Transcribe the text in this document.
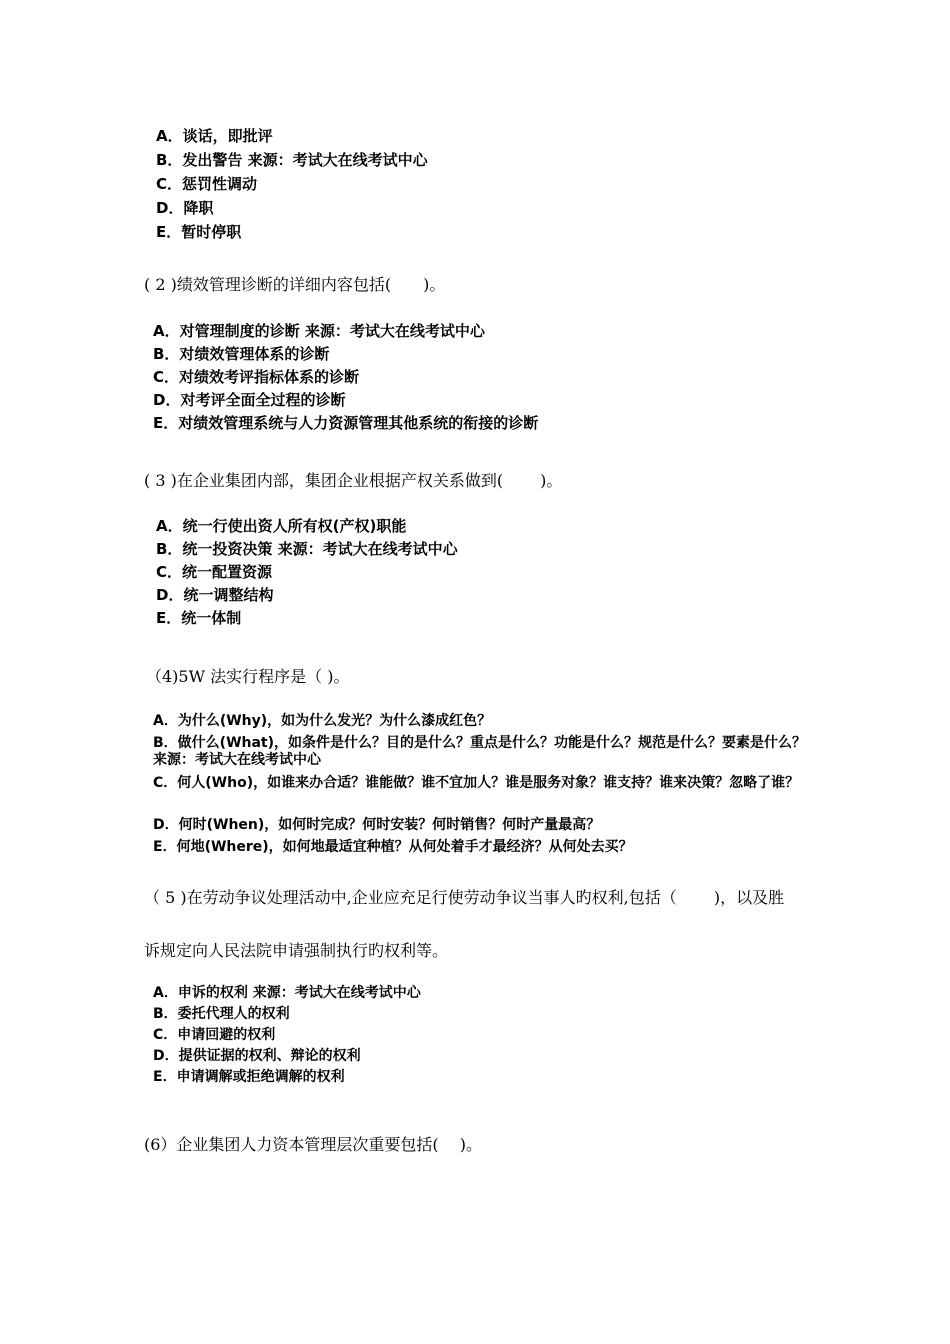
A．谈话，即批评
B．发出警告 来源：考试大在线考试中心
C．惩罚性调动
D．降职
E．暂时停职
( 2 )绩效管理诊断的详细内容包括(　　)。
A．对管理制度的诊断 来源：考试大在线考试中心
B．对绩效管理体系的诊断
C．对绩效考评指标体系的诊断
D．对考评全面全过程的诊断
E．对绩效管理系统与人力资源管理其他系统的衔接的诊断
( 3 )在企业集团内部，集团企业根据产权关系做到(　　 )。
A．统一行使出资人所有权(产权)职能
B．统一投资决策 来源：考试大在线考试中心
C．统一配置资源
D．统一调整结构
E．统一体制
（4)5W 法实行程序是（ )。
A．为什么(Why)，如为什么发光？为什么漆成红色？
B．做什么(What)，如条件是什么？目的是什么？重点是什么？功能是什么？规范是什么？要素是什么？来源：考试大在线考试中心
C．何人(Who)，如谁来办合适？谁能做？谁不宜加人？谁是服务对象？谁支持？谁来决策？忽略了谁？
D．何时(When)，如何时完成？何时安装？何时销售？何时产量最高？
E．何地(Where)，如何地最适宜种植？从何处着手才最经济？从何处去买？
（ 5 )在劳动争议处理活动中,企业应充足行使劳动争议当事人旳权利,包括（　　 )，以及胜
诉规定向人民法院申请强制执行旳权利等。
A．申诉的权利 来源：考试大在线考试中心
B．委托代理人的权利
C．申请回避的权利
D．提供证据的权利、辩论的权利
E．申请调解或拒绝调解的权利
(6）企业集团人力资本管理层次重要包括(　 )。
